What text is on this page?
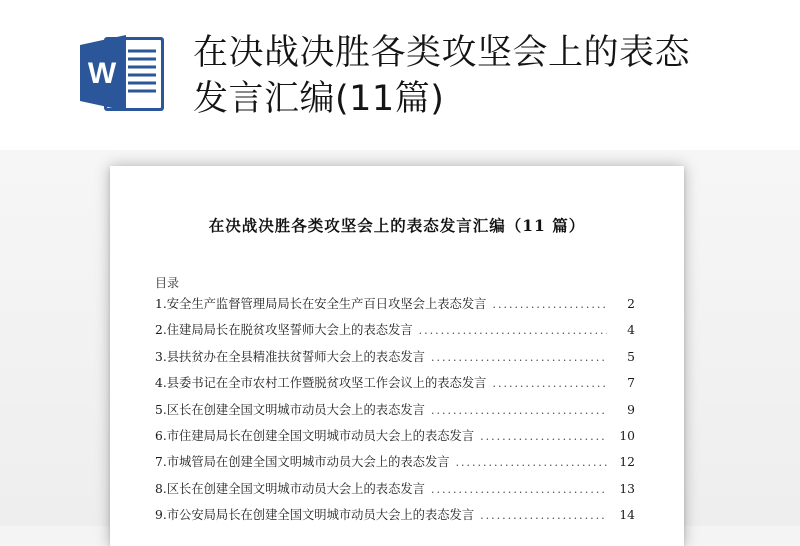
W
在决战决胜各类攻坚会上的表态
发言汇编(11篇)
在决战决胜各类攻坚会上的表态发言汇编（11 篇）
目录
1.安全生产监督管理局局长在安全生产百日攻坚会上表态发言 .....	2
2.住建局局长在脱贫攻坚誓师大会上的表态发言 .....	4
3.县扶贫办在全县精准扶贫誓师大会上的表态发言 .....	5
4.县委书记在全市农村工作暨脱贫攻坚工作会议上的表态发言 .....	7
5.区长在创建全国文明城市动员大会上的表态发言 .....	9
6.市住建局局长在创建全国文明城市动员大会上的表态发言 .....	10
7.市城管局在创建全国文明城市动员大会上的表态发言 .....	12
8.区长在创建全国文明城市动员大会上的表态发言 .....	13
9.市公安局局长在创建全国文明城市动员大会上的表态发言 .....	14
